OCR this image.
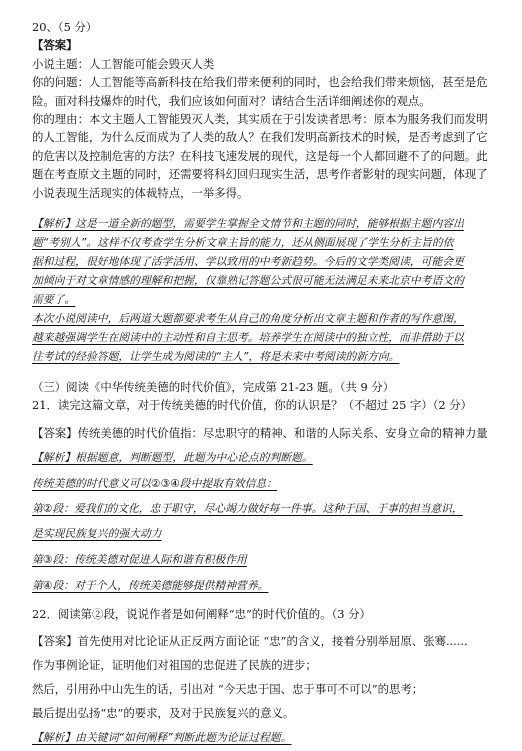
20、（5 分）

【答案】

小说主题：人工智能可能会毁灭人类

你的问题：人工智能等高新科技在给我们带来便利的同时，也会给我们带来烦恼，甚至是危

险。面对科技爆炸的时代，我们应该如何面对？请结合生活详细阐述你的观点。

你的理由：本文主题人工智能毁灭人类，其实质在于引发读者思考：原本为服务我们而发明

的人工智能，为什么反而成为了人类的敌人？在我们发明高新技术的时候，是否考虑到了它

的危害以及控制危害的方法？在科技飞速发展的现代，这是每一个人都回避不了的问题。此

题在考查原文主题的同时，还需要将科幻回归现实生活，思考作者影射的现实问题，体现了

小说表现生活现实的体裁特点，一举多得。

【解析】这是一道全新的题型，需要学生掌握全文情节和主题的同时，能够根据主题内容出

题“考别人”。这样不仅考查学生分析文章主旨的能力，还从侧面展现了学生分析主旨的依

据和过程，很好地体现了活学活用、学以致用的中考新趋势。今后的文学类阅读，可能会更

加倾向于对文章情感的理解和把握，仅靠熟记答题公式很可能无法满足未来北京中考语文的

需要了。

本次小说阅读中，后两道大题都要求考生从自己的角度分析出文章主题和作者的写作意图，

越来越强调学生在阅读中的主动性和自主思考。培养学生在阅读中的独立性，而非借助于以

往考试的经验答题，让学生成为阅读的“主人”，将是未来中考阅读的新方向。

（三）阅读《中华传统美德的时代价值》，完成第 21-23 题。（共 9 分）

21．读完这篇文章，对于传统美德的时代价值，你的认识是？（不超过 25 字）（2 分）

【答案】传统美德的时代价值指：尽忠职守的精神、和谐的人际关系、安身立命的精神力量

【解析】根据题意，判断题型，此题为中心论点的判断题。

传统美德的时代意义可以②③④段中提取有效信息：

第②段：爱我们的文化，忠于职守，尽心竭力做好每一件事。这种于国、于事的担当意识，

是实现民族复兴的强大动力

第③段：传统美德对促进人际和谐有积极作用

第④段：对于个人，传统美德能够提供精神营养。

22．阅读第②段，说说作者是如何阐释“忠”的时代价值的。（3 分）

【答案】首先使用对比论证从正反两方面论证 “忠”的含义，接着分别举屈原、张骞......

作为事例论证，证明他们对祖国的忠促进了民族的进步；

然后，引用孙中山先生的话，引出对 “今天忠于国、忠于事可不可以”的思考；

最后提出弘扬“忠”的要求，及对于民族复兴的意义。

【解析】由关键词“如何阐释”判断此题为论证过程题。
